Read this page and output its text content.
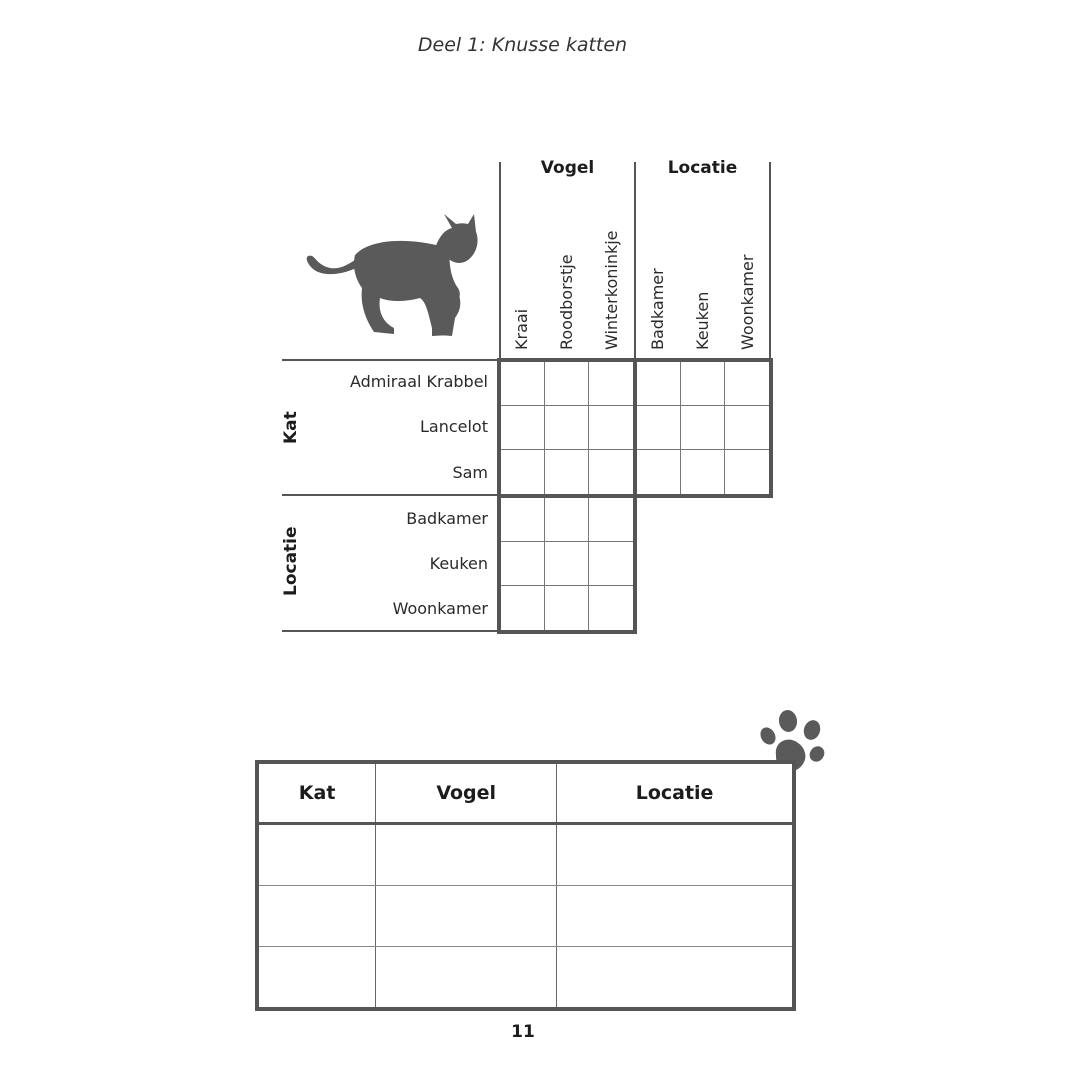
Deel 1: Knusse katten
Vogel	Locatie
Kraai Roodborstje Winterkoninkje Badkamer Keuken Woonkamer
Kat
Locatie
Admiraal Krabbel
Lancelot
Sam
Badkamer
Keuken
Woonkamer
Kat	Vogel	Locatie

11
